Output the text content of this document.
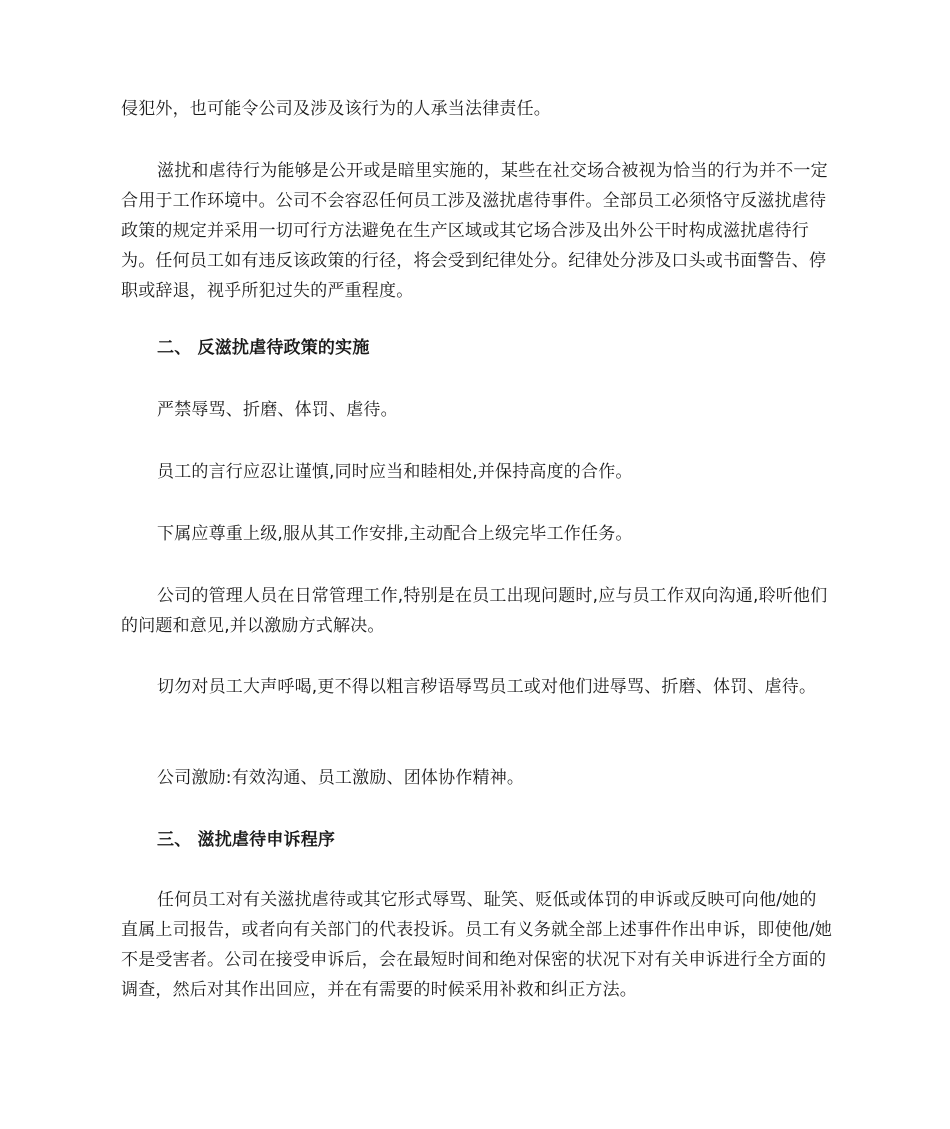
侵犯外，也可能令公司及涉及该行为的人承当法律责任。

滋扰和虐待行为能够是公开或是暗里实施的，某些在社交场合被视为恰当的行为并不一定合用于工作环境中。公司不会容忍任何员工涉及滋扰虐待事件。全部员工必须恪守反滋扰虐待政策的规定并采用一切可行方法避免在生产区域或其它场合涉及出外公干时构成滋扰虐待行为。任何员工如有违反该政策的行径，将会受到纪律处分。纪律处分涉及口头或书面警告、停职或辞退，视乎所犯过失的严重程度。

二、 反滋扰虐待政策的实施

严禁辱骂、折磨、体罚、虐待。

员工的言行应忍让谨慎,同时应当和睦相处,并保持高度的合作。

下属应尊重上级,服从其工作安排,主动配合上级完毕工作任务。

公司的管理人员在日常管理工作,特别是在员工出现问题时,应与员工作双向沟通,聆听他们的问题和意见,并以激励方式解决。

切勿对员工大声呼喝,更不得以粗言秽语辱骂员工或对他们进辱骂、折磨、体罚、虐待。

公司激励:有效沟通、员工激励、团体协作精神。

三、 滋扰虐待申诉程序

任何员工对有关滋扰虐待或其它形式辱骂、耻笑、贬低或体罚的申诉或反映可向他/她的直属上司报告，或者向有关部门的代表投诉。员工有义务就全部上述事件作出申诉，即使他/她不是受害者。公司在接受申诉后，会在最短时间和绝对保密的状况下对有关申诉进行全方面的调查，然后对其作出回应，并在有需要的时候采用补救和纠正方法。
